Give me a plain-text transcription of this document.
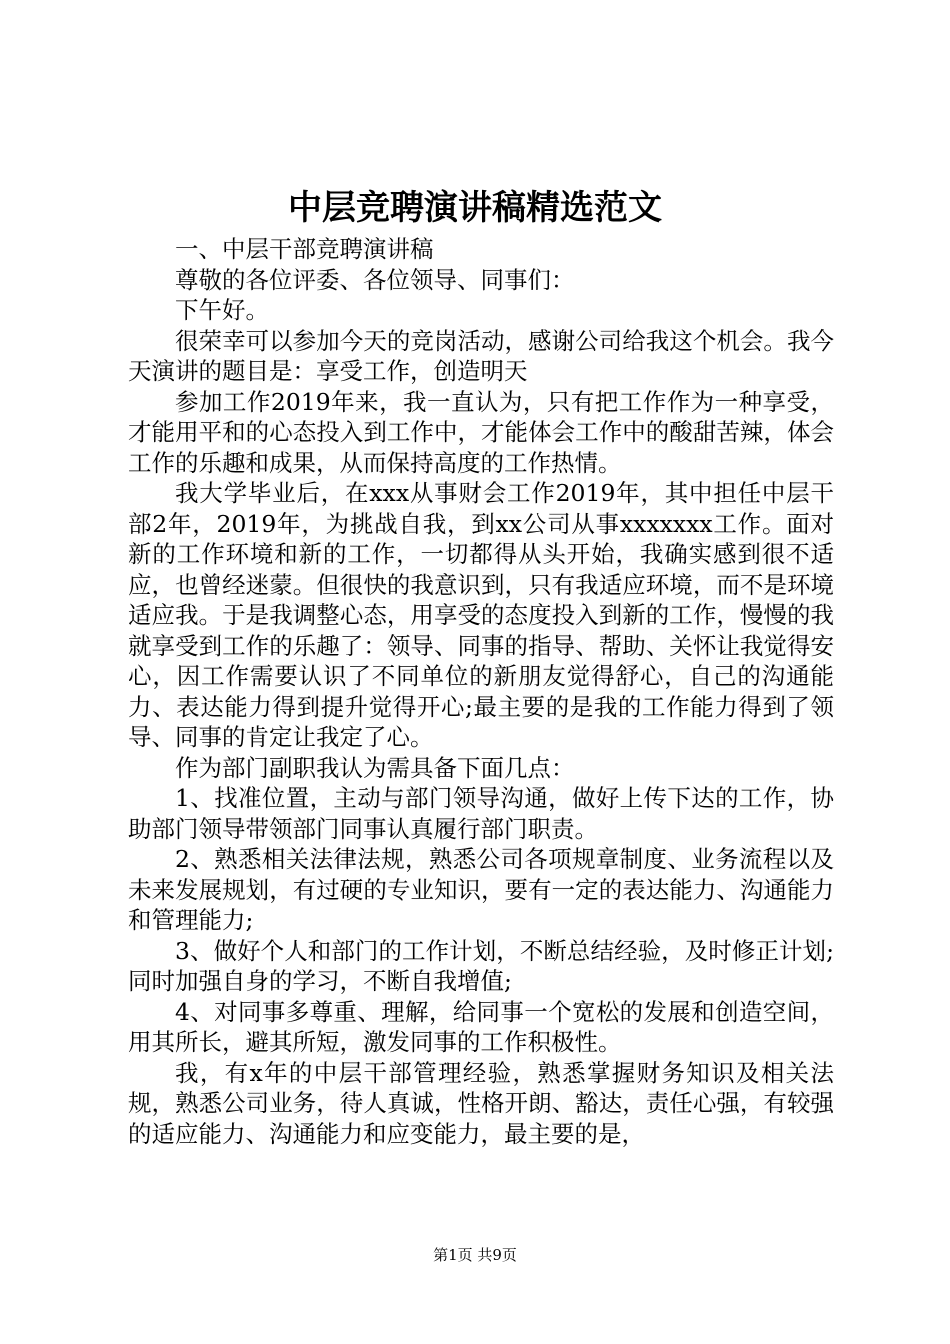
中层竞聘演讲稿精选范文

一、中层干部竞聘演讲稿

尊敬的各位评委、各位领导、同事们：

下午好。

很荣幸可以参加今天的竞岗活动，感谢公司给我这个机会。我今天演讲的题目是：享受工作，创造明天

参加工作2019年来，我一直认为，只有把工作作为一种享受，才能用平和的心态投入到工作中，才能体会工作中的酸甜苦辣，体会工作的乐趣和成果，从而保持高度的工作热情。

我大学毕业后，在xxx从事财会工作2019年，其中担任中层干部2年，2019年，为挑战自我，到xx公司从事xxxxxxx工作。面对新的工作环境和新的工作，一切都得从头开始，我确实感到很不适应，也曾经迷蒙。但很快的我意识到，只有我适应环境，而不是环境适应我。于是我调整心态，用享受的态度投入到新的工作，慢慢的我就享受到工作的乐趣了：领导、同事的指导、帮助、关怀让我觉得安心，因工作需要认识了不同单位的新朋友觉得舒心，自己的沟通能力、表达能力得到提升觉得开心;最主要的是我的工作能力得到了领导、同事的肯定让我定了心。

作为部门副职我认为需具备下面几点：

1、找准位置，主动与部门领导沟通，做好上传下达的工作，协助部门领导带领部门同事认真履行部门职责。

2、熟悉相关法律法规，熟悉公司各项规章制度、业务流程以及未来发展规划，有过硬的专业知识，要有一定的表达能力、沟通能力和管理能力;

3、做好个人和部门的工作计划，不断总结经验，及时修正计划;同时加强自身的学习，不断自我增值;

4、对同事多尊重、理解，给同事一个宽松的发展和创造空间，用其所长，避其所短，激发同事的工作积极性。

我，有x年的中层干部管理经验，熟悉掌握财务知识及相关法规，熟悉公司业务，待人真诚，性格开朗、豁达，责任心强，有较强的适应能力、沟通能力和应变能力，最主要的是，

第1页 共9页
